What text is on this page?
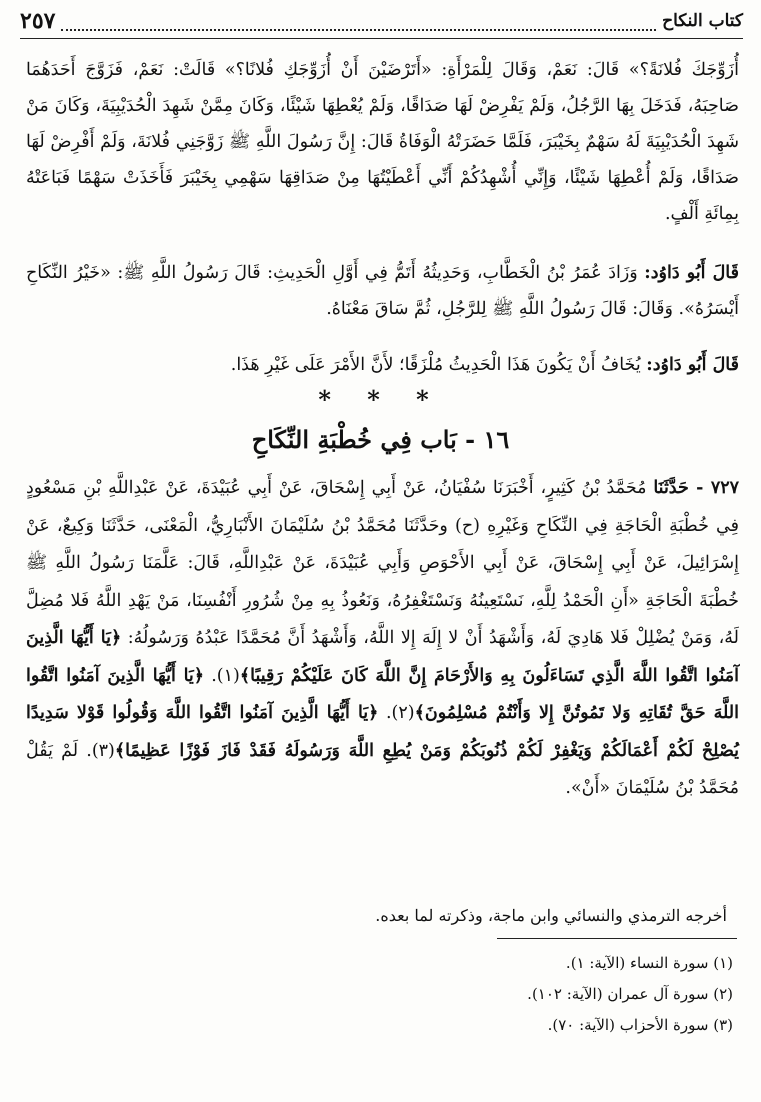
كتاب النكاح
٢٥٧

أُزَوِّجَكَ فُلانَةً؟» قَالَ: نَعَمْ، وَقَالَ لِلْمَرْأَةِ: «أَتَرْضَيْنَ أَنْ أُزَوِّجَكِ فُلانًا؟» قَالَتْ: نَعَمْ، فَزَوَّجَ أَحَدَهُمَا صَاحِبَهُ، فَدَخَلَ بِهَا الرَّجُلُ، وَلَمْ يَفْرِضْ لَهَا صَدَاقًا، وَلَمْ يُعْطِهَا شَيْئًا، وَكَانَ مِمَّنْ شَهِدَ الْحُدَيْبِيَةَ، وَكَانَ مَنْ شَهِدَ الْحُدَيْبِيَةَ لَهُ سَهْمٌ بِخَيْبَرَ، فَلَمَّا حَضَرَتْهُ الْوَفَاةُ قَالَ: إِنَّ رَسُولَ اللَّهِ ﷺ زَوَّجَنِي فُلانَةَ، وَلَمْ أَفْرِضْ لَهَا صَدَاقًا، وَلَمْ أُعْطِهَا شَيْئًا، وَإِنِّي أُشْهِدُكُمْ أَنِّي أَعْطَيْتُهَا مِنْ صَدَاقِهَا سَهْمِي بِخَيْبَرَ فَأَخَذَتْ سَهْمًا فَبَاعَتْهُ بِمِائَةِ أَلْفٍ.

قَالَ أَبُو دَاوُد: وَزَادَ عُمَرُ بْنُ الْخَطَّابِ، وَحَدِيثُهُ أَتَمُّ فِي أَوَّلِ الْحَدِيثِ: قَالَ رَسُولُ اللَّهِ ﷺ: «خَيْرُ النِّكَاحِ أَيْسَرُهُ». وَقَالَ: قَالَ رَسُولُ اللَّهِ ﷺ لِلرَّجُلِ، ثُمَّ سَاقَ مَعْنَاهُ.

قَالَ أَبُو دَاوُد: يُخَافُ أَنْ يَكُونَ هَذَا الْحَدِيثُ مُلْزَقًا؛ لأَنَّ الأَمْرَ عَلَى غَيْرِ هَذَا.

* * *
١٦ - بَاب فِي خُطْبَةِ النِّكَاحِ

٧٢٧ - حَدَّثَنَا مُحَمَّدُ بْنُ كَثِيرٍ، أَخْبَرَنَا سُفْيَانُ، عَنْ أَبِي إِسْحَاقَ، عَنْ أَبِي عُبَيْدَةَ، عَنْ عَبْدِاللَّهِ بْنِ مَسْعُودٍ فِي خُطْبَةِ الْحَاجَةِ فِي النِّكَاحِ وَغَيْرِهِ (ح) وحَدَّثَنَا مُحَمَّدُ بْنُ سُلَيْمَانَ الأَنْبَارِيُّ، الْمَعْنَى، حَدَّثَنَا وَكِيعٌ، عَنْ إِسْرَائِيلَ، عَنْ أَبِي إِسْحَاقَ، عَنْ أَبِي الأَحْوَصِ وَأَبِي عُبَيْدَةَ، عَنْ عَبْدِاللَّهِ، قَالَ: عَلَّمَنَا رَسُولُ اللَّهِ ﷺ خُطْبَةَ الْحَاجَةِ «أَنِ الْحَمْدُ لِلَّهِ، نَسْتَعِينُهُ وَنَسْتَغْفِرُهُ، وَنَعُوذُ بِهِ مِنْ شُرُورِ أَنْفُسِنَا، مَنْ يَهْدِ اللَّهُ فَلا مُضِلَّ لَهُ، وَمَنْ يُضْلِلْ فَلا هَادِيَ لَهُ، وَأَشْهَدُ أَنْ لا إِلَهَ إِلا اللَّهُ، وَأَشْهَدُ أَنَّ مُحَمَّدًا عَبْدُهُ وَرَسُولُهُ: ﴿يَا أَيُّهَا الَّذِينَ آمَنُوا اتَّقُوا اللَّهَ الَّذِي تَسَاءَلُونَ بِهِ وَالأَرْحَامَ إِنَّ اللَّهَ كَانَ عَلَيْكُمْ رَقِيبًا﴾(١). ﴿يَا أَيُّهَا الَّذِينَ آمَنُوا اتَّقُوا اللَّهَ حَقَّ تُقَاتِهِ وَلا تَمُوتُنَّ إِلا وَأَنْتُمْ مُسْلِمُونَ﴾(٢). ﴿يَا أَيُّهَا الَّذِينَ آمَنُوا اتَّقُوا اللَّهَ وَقُولُوا قَوْلا سَدِيدًا يُصْلِحْ لَكُمْ أَعْمَالَكُمْ وَيَغْفِرْ لَكُمْ ذُنُوبَكُمْ وَمَنْ يُطِعِ اللَّهَ وَرَسُولَهُ فَقَدْ فَازَ فَوْزًا عَظِيمًا﴾(٣). لَمْ يَقُلْ مُحَمَّدُ بْنُ سُلَيْمَانَ «أَنْ».

أخرجه الترمذي والنسائي وابن ماجة، وذكرته لما بعده.

(١) سورة النساء (الآية: ١).
(٢) سورة آل عمران (الآية: ١٠٢).
(٣) سورة الأحزاب (الآية: ٧٠).
